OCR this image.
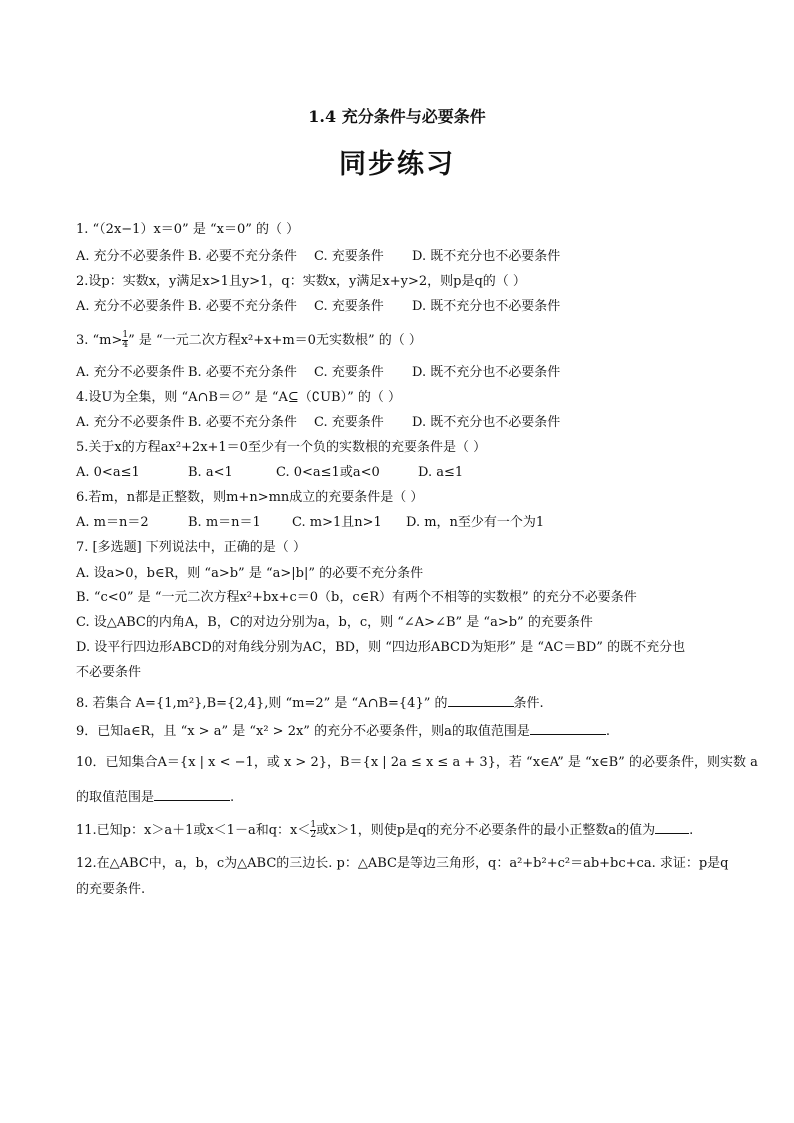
1.4 充分条件与必要条件
同步练习
1. “（2x−1）x＝0” 是 “x＝0” 的（ ）
A. 充分不必要条件 B. 必要不充分条件 C. 充要条件 D. 既不充分也不必要条件
2.设p：实数x，y满足x>1且y>1，q：实数x，y满足x+y>2，则p是q的（ ）
A. 充分不必要条件 B. 必要不充分条件 C. 充要条件 D. 既不充分也不必要条件
3. “$m> \frac{1}{4}$ ” 是 “一元二次方程x²+x+m＝0无实数根” 的（ ）
A. 充分不必要条件 B. 必要不充分条件 C. 充要条件 D. 既不充分也不必要条件
4.设U为全集，则 “A∩B＝∅” 是 “A⊆（∁UB）” 的（ ）
A. 充分不必要条件 B. 必要不充分条件 C. 充要条件 D. 既不充分也不必要条件
5.关于x的方程ax²+2x+1＝0至少有一个负的实数根的充要条件是（ ）
A. 0<a≤1	B. a<1	C. 0<a≤1或a<0	D. a≤1
6.若m，n都是正整数，则m+n>mn成立的充要条件是（ ）
A. m＝n＝2	B. m＝n＝1 C. m>1且n>1 D. m，n至少有一个为1
7. [多选题] 下列说法中，正确的是（ ）
A. 设a>0，b∈R，则 “a>b” 是 “a>|b|” 的必要不充分条件
B. “c<0” 是 “一元二次方程x²+bx+c＝0（b，c∈R）有两个不相等的实数根” 的充分不必要条件
C. 设△ABC的内角A，B，C的对边分别为a，b，c，则 “∠A>∠B” 是 “a>b” 的充要条件
D. 设平行四边形ABCD的对角线分别为AC，BD，则 “四边形ABCD为矩形” 是 “AC＝BD” 的既不充分也
不必要条件
8. 若集合 A={1,m²},B={2,4},则 “m=2” 是 “A∩B={4}” 的	条件.
9．已知a∈R，且 “x > a” 是 “x² > 2x” 的充分不必要条件，则a的取值范围是	.
10．已知集合A＝{x | x < −1，或 x > 2}，B＝{x | 2a ≤ x ≤ a + 3}，若 “x∈A” 是 “x∈B” 的必要条件，则实数 a
的取值范围是	.
11.已知p：x＞a＋1或x＜1－a和q：$x< \frac{1}{2}$ 或x＞1，则使p是q的充分不必要条件的最小正整数a的值为	.
12.在△ABC中，a，b，c为△ABC的三边长. p：△ABC是等边三角形，q：a²+b²+c²＝ab+bc+ca. 求证：p是q
的充要条件.
